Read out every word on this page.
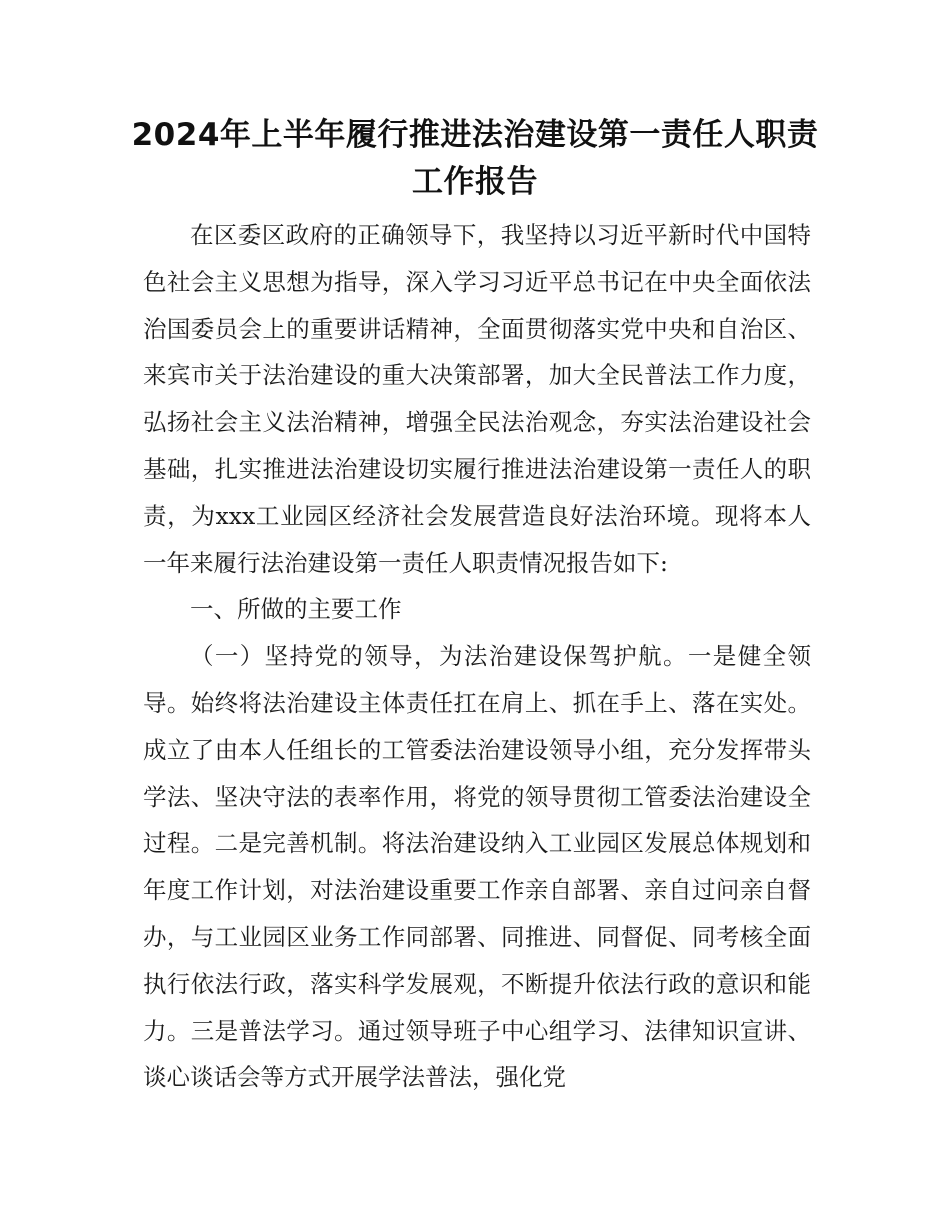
2024年上半年履行推进法治建设第一责任人职责工作报告

在区委区政府的正确领导下，我坚持以习近平新时代中国特色社会主义思想为指导，深入学习习近平总书记在中央全面依法治国委员会上的重要讲话精神，全面贯彻落实党中央和自治区、来宾市关于法治建设的重大决策部署，加大全民普法工作力度，弘扬社会主义法治精神，增强全民法治观念，夯实法治建设社会基础，扎实推进法治建设切实履行推进法治建设第一责任人的职责，为xxx工业园区经济社会发展营造良好法治环境。现将本人一年来履行法治建设第一责任人职责情况报告如下:

一、所做的主要工作

（一）坚持党的领导，为法治建设保驾护航。一是健全领导。始终将法治建设主体责任扛在肩上、抓在手上、落在实处。成立了由本人任组长的工管委法治建设领导小组，充分发挥带头学法、坚决守法的表率作用，将党的领导贯彻工管委法治建设全过程。二是完善机制。将法治建设纳入工业园区发展总体规划和年度工作计划，对法治建设重要工作亲自部署、亲自过问亲自督办，与工业园区业务工作同部署、同推进、同督促、同考核全面执行依法行政，落实科学发展观，不断提升依法行政的意识和能力。三是普法学习。通过领导班子中心组学习、法律知识宣讲、谈心谈话会等方式开展学法普法，强化党
